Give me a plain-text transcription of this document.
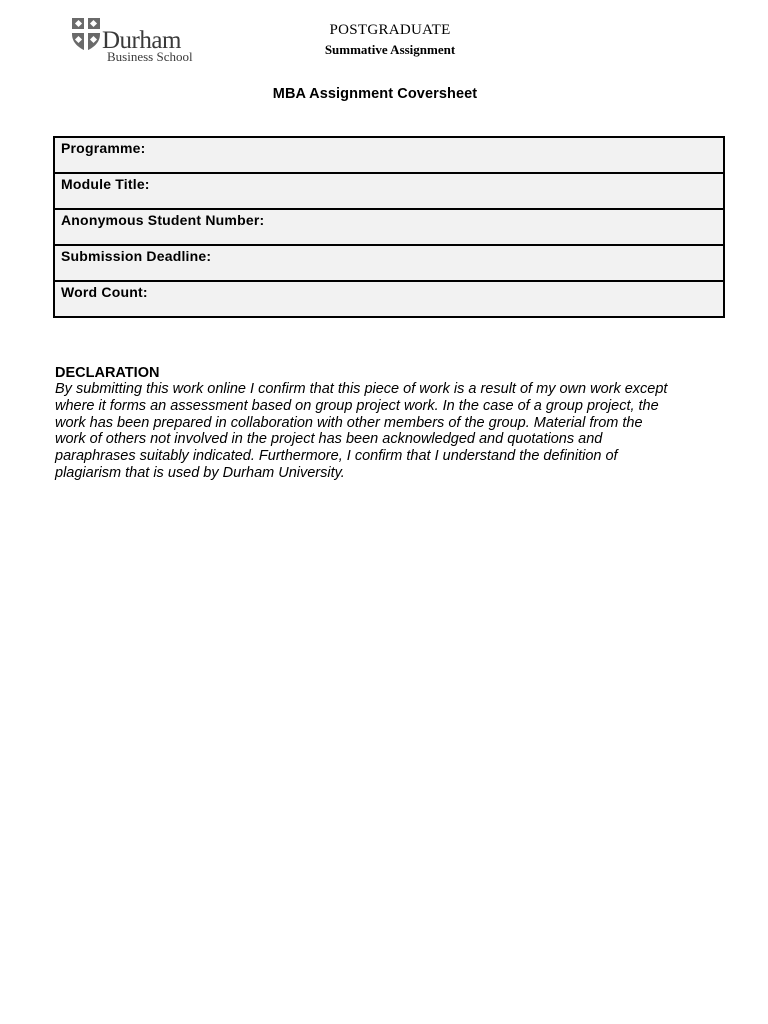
Durham
Business School
POSTGRADUATE
Summative Assignment
MBA Assignment Coversheet
Programme:
Module Title:
Anonymous Student Number:
Submission Deadline:
Word Count:
DECLARATION
By submitting this work online I confirm that this piece of work is a result of my own work except
where it forms an assessment based on group project work. In the case of a group project, the
work has been prepared in collaboration with other members of the group. Material from the
work of others not involved in the project has been acknowledged and quotations and
paraphrases suitably indicated. Furthermore, I confirm that I understand the definition of
plagiarism that is used by Durham University.
